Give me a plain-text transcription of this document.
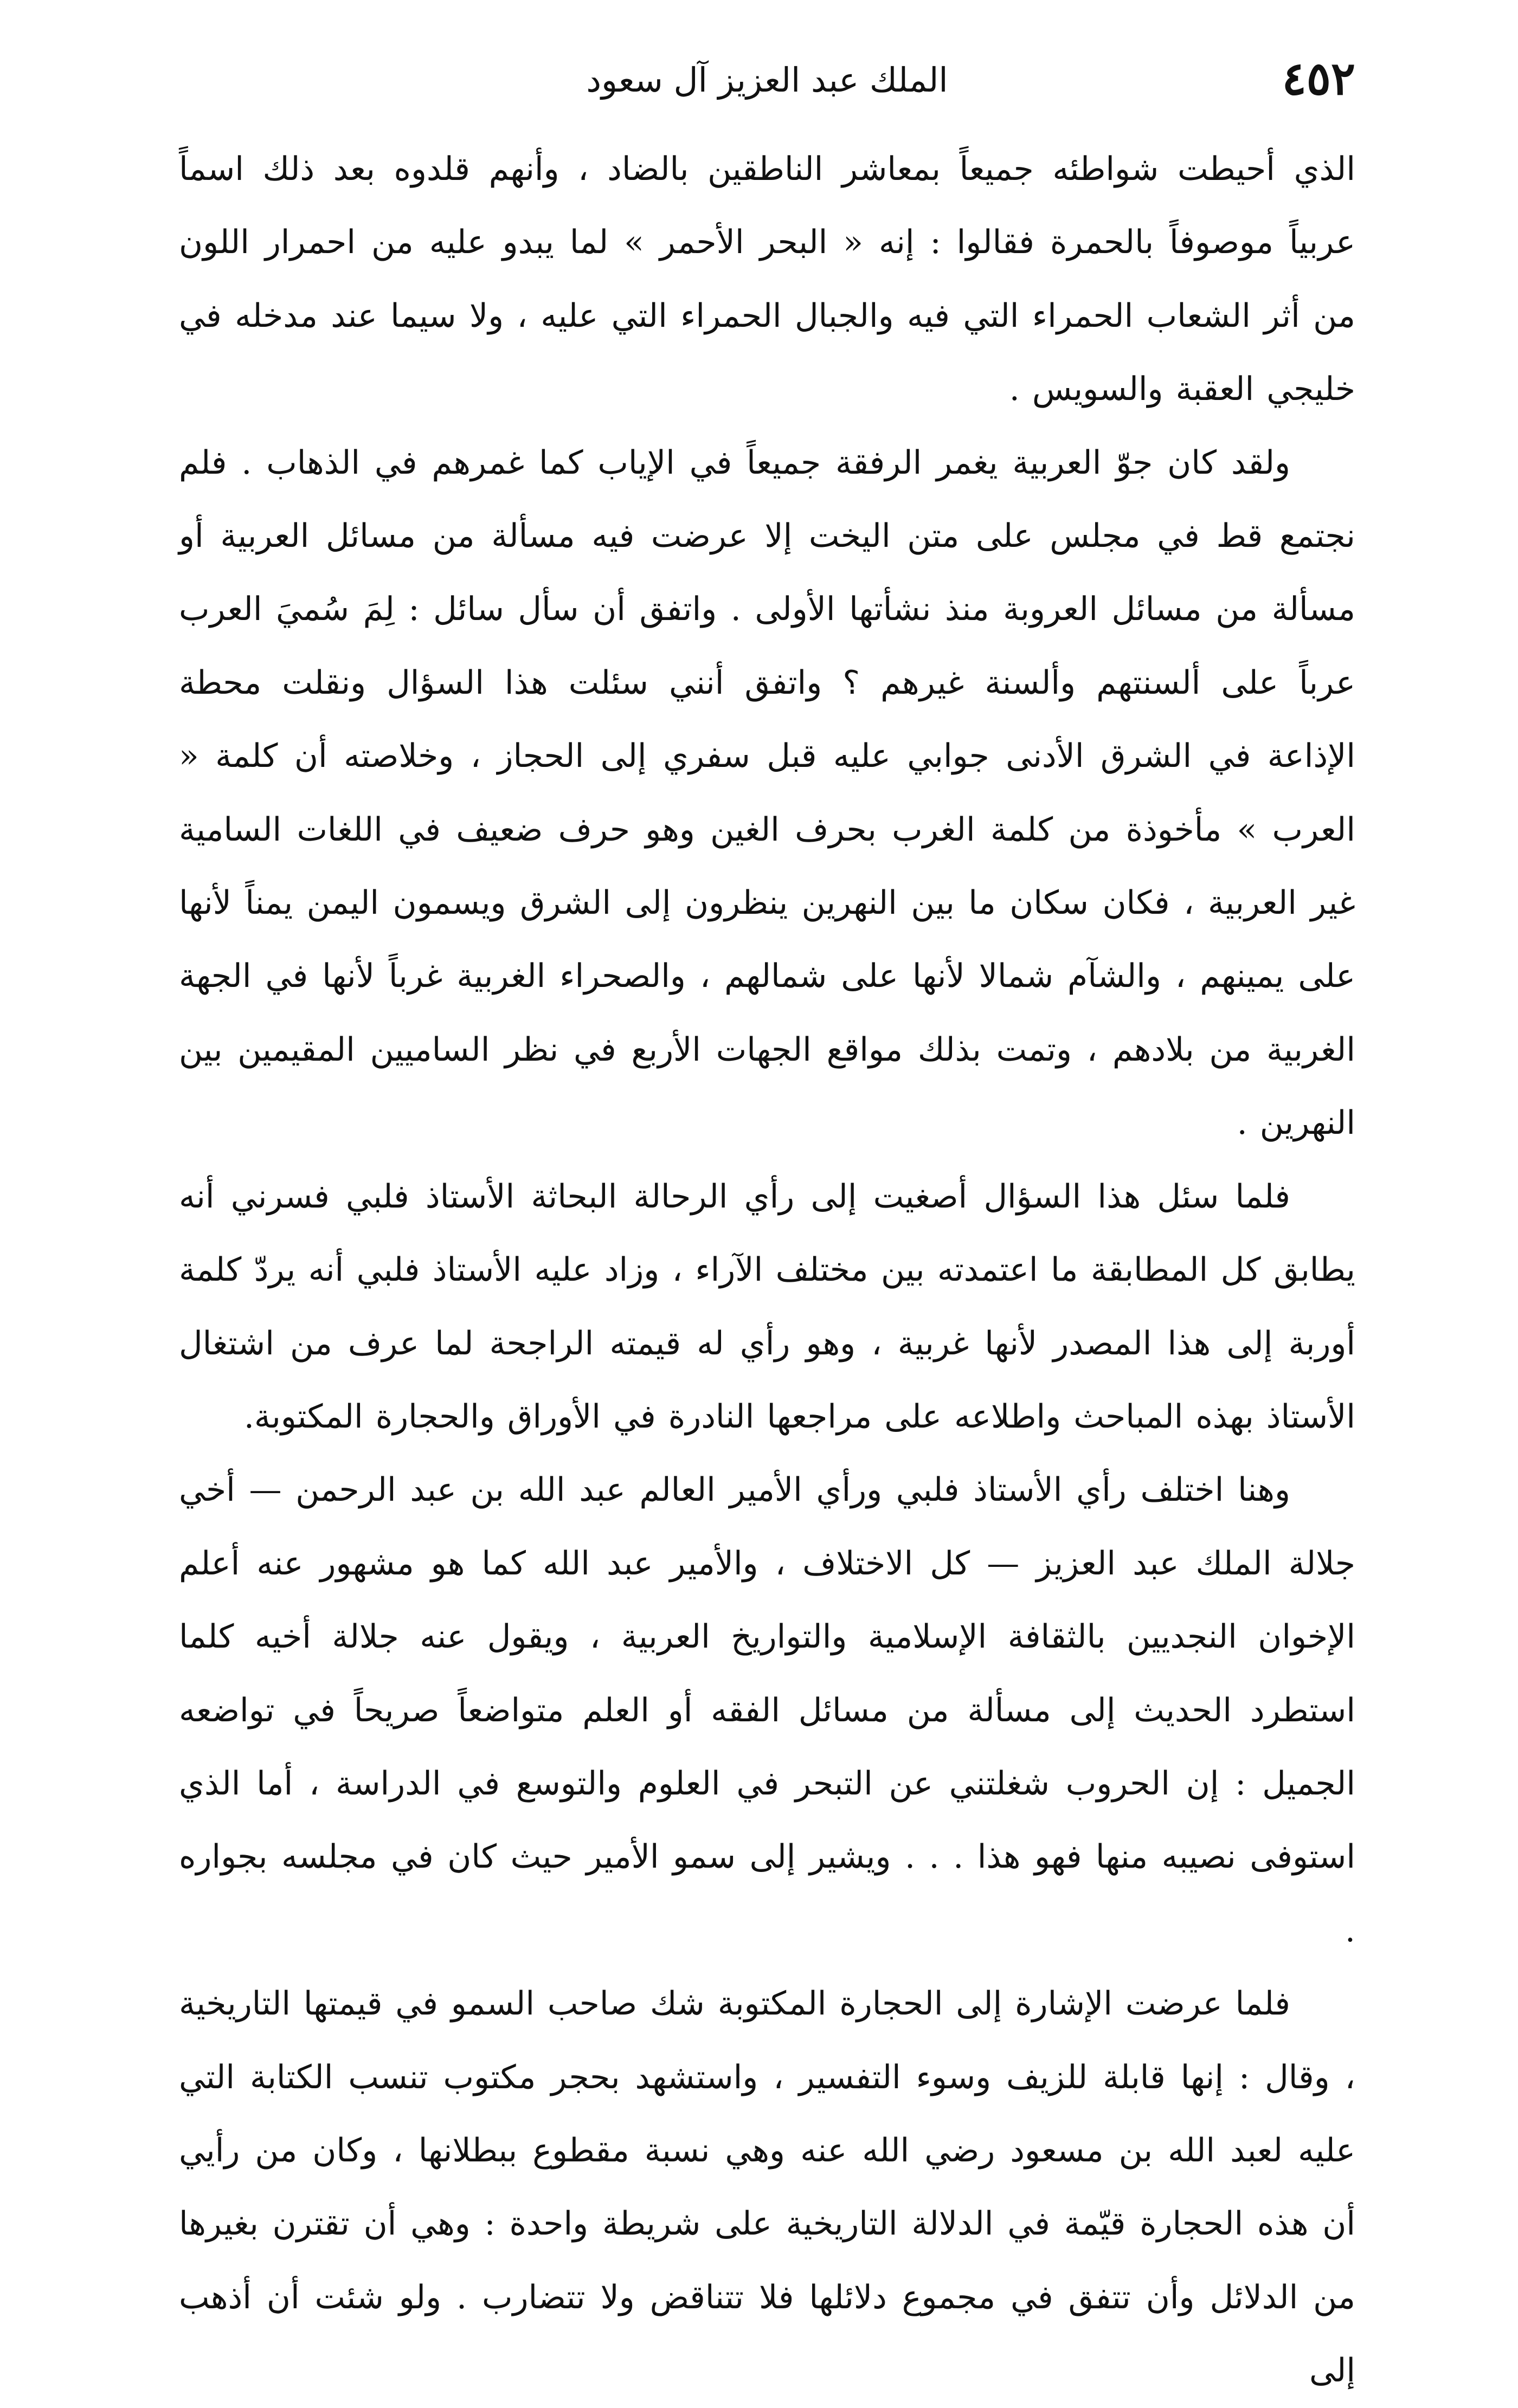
٤٥٢
الملك عبد العزيز آل سعود

الذي أحيطت شواطئه جميعاً بمعاشر الناطقين بالضاد ، وأنهم قلدوه بعد ذلك اسماً عربياً موصوفاً بالحمرة فقالوا : إنه « البحر الأحمر » لما يبدو عليه من احمرار اللون من أثر الشعاب الحمراء التي فيه والجبال الحمراء التي عليه ، ولا سيما عند مدخله في خليجي العقبة والسويس .

ولقد كان جوّ العربية يغمر الرفقة جميعاً في الإياب كما غمرهم في الذهاب . فلم نجتمع قط في مجلس على متن اليخت إلا عرضت فيه مسألة من مسائل العربية أو مسألة من مسائل العروبة منذ نشأتها الأولى . واتفق أن سأل سائل : لِمَ سُميَ العرب عرباً على ألسنتهم وألسنة غيرهم ؟ واتفق أنني سئلت هذا السؤال ونقلت محطة الإذاعة في الشرق الأدنى جوابي عليه قبل سفري إلى الحجاز ، وخلاصته أن كلمة « العرب » مأخوذة من كلمة الغرب بحرف الغين وهو حرف ضعيف في اللغات السامية غير العربية ، فكان سكان ما بين النهرين ينظرون إلى الشرق ويسمون اليمن يمناً لأنها على يمينهم ، والشآم شمالا لأنها على شمالهم ، والصحراء الغربية غرباً لأنها في الجهة الغربية من بلادهم ، وتمت بذلك مواقع الجهات الأربع في نظر الساميين المقيمين بين النهرين .

فلما سئل هذا السؤال أصغيت إلى رأي الرحالة البحاثة الأستاذ فلبي فسرني أنه يطابق كل المطابقة ما اعتمدته بين مختلف الآراء ، وزاد عليه الأستاذ فلبي أنه يردّ كلمة أوربة إلى هذا المصدر لأنها غربية ، وهو رأي له قيمته الراجحة لما عرف من اشتغال الأستاذ بهذه المباحث واطلاعه على مراجعها النادرة في الأوراق والحجارة المكتوبة.

وهنا اختلف رأي الأستاذ فلبي ورأي الأمير العالم عبد الله بن عبد الرحمن — أخي جلالة الملك عبد العزيز — كل الاختلاف ، والأمير عبد الله كما هو مشهور عنه أعلم الإخوان النجديين بالثقافة الإسلامية والتواريخ العربية ، ويقول عنه جلالة أخيه كلما استطرد الحديث إلى مسألة من مسائل الفقه أو العلم متواضعاً صريحاً في تواضعه الجميل : إن الحروب شغلتني عن التبحر في العلوم والتوسع في الدراسة ، أما الذي استوفى نصيبه منها فهو هذا . . . ويشير إلى سمو الأمير حيث كان في مجلسه بجواره .

فلما عرضت الإشارة إلى الحجارة المكتوبة شك صاحب السمو في قيمتها التاريخية ، وقال : إنها قابلة للزيف وسوء التفسير ، واستشهد بحجر مكتوب تنسب الكتابة التي عليه لعبد الله بن مسعود رضي الله عنه وهي نسبة مقطوع ببطلانها ، وكان من رأيي أن هذه الحجارة قيّمة في الدلالة التاريخية على شريطة واحدة : وهي أن تقترن بغيرها من الدلائل وأن تتفق في مجموع دلائلها فلا تتناقض ولا تتضارب . ولو شئت أن أذهب إلى
